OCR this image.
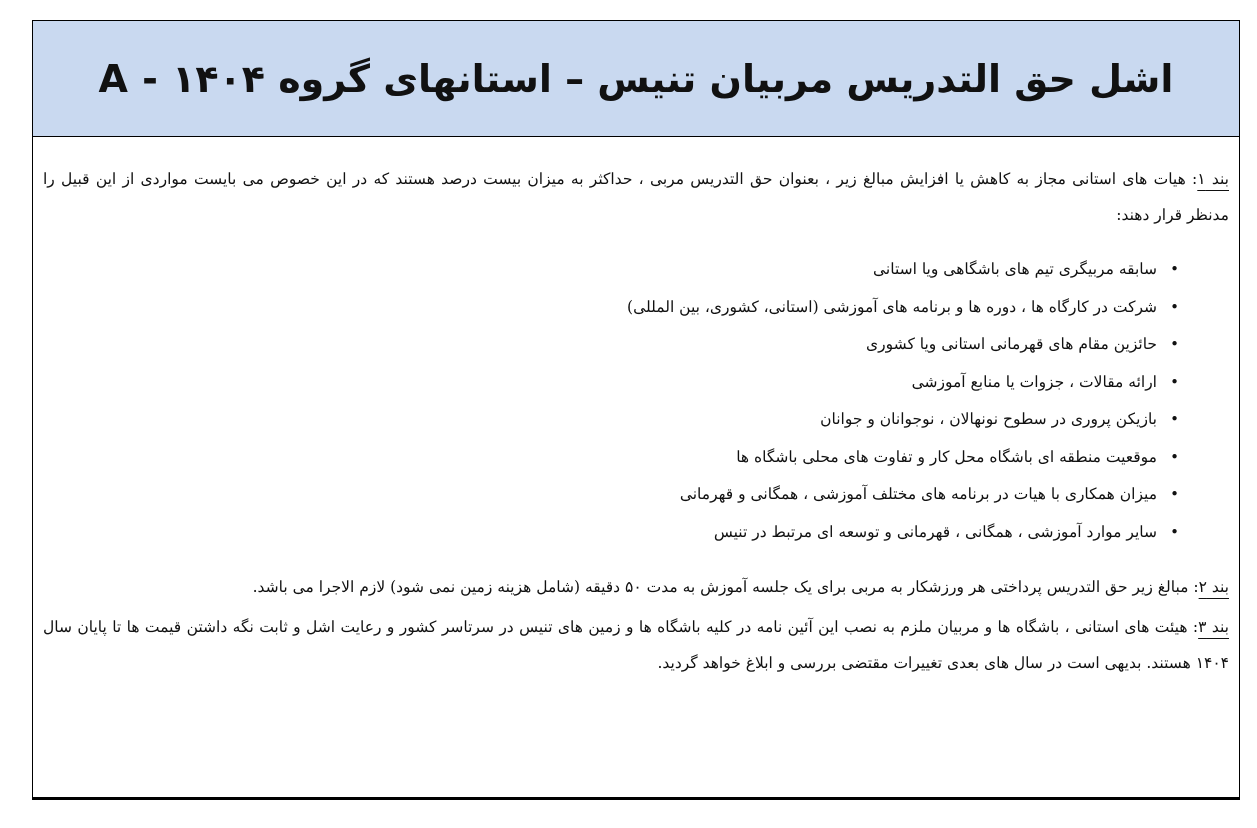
اشل حق التدریس مربیان تنیس – استانهای گروه A - ۱۴۰۴

بند ۱: هیات های استانی مجاز به کاهش یا افزایش مبالغ زیر ، بعنوان حق التدریس مربی ، حداکثر به میزان بیست درصد هستند که در این خصوص می بایست مواردی از این قبیل را مدنظر قرار دهند:

•
سابقه مربیگری تیم های باشگاهی ویا استانی
•
شرکت در کارگاه ها ، دوره ها و برنامه های آموزشی (استانی، کشوری، بین المللی)
•
حائزین مقام های قهرمانی استانی ویا کشوری
•
ارائه مقالات ، جزوات یا منابع آموزشی
•
بازیکن پروری در سطوح نونهالان ، نوجوانان و جوانان
•
موقعیت منطقه ای باشگاه محل کار و تفاوت های محلی باشگاه ها
•
میزان همکاری با هیات در برنامه های مختلف آموزشی ، همگانی و قهرمانی
•
سایر موارد آموزشی ، همگانی ، قهرمانی و توسعه ای مرتبط در تنیس

بند ۲: مبالغ زیر حق التدریس پرداختی هر ورزشکار به مربی برای یک جلسه آموزش به مدت ۵۰ دقیقه (شامل هزینه زمین نمی شود) لازم الاجرا می باشد.

بند ۳: هیئت های استانی ، باشگاه ها و مربیان ملزم به نصب این آئین نامه در کلیه باشگاه ها و زمین های تنیس در سرتاسر کشور و رعایت اشل و ثابت نگه داشتن قیمت ها تا پایان سال ۱۴۰۴ هستند. بدیهی است در سال های بعدی تغییرات مقتضی بررسی و ابلاغ خواهد گردید.
